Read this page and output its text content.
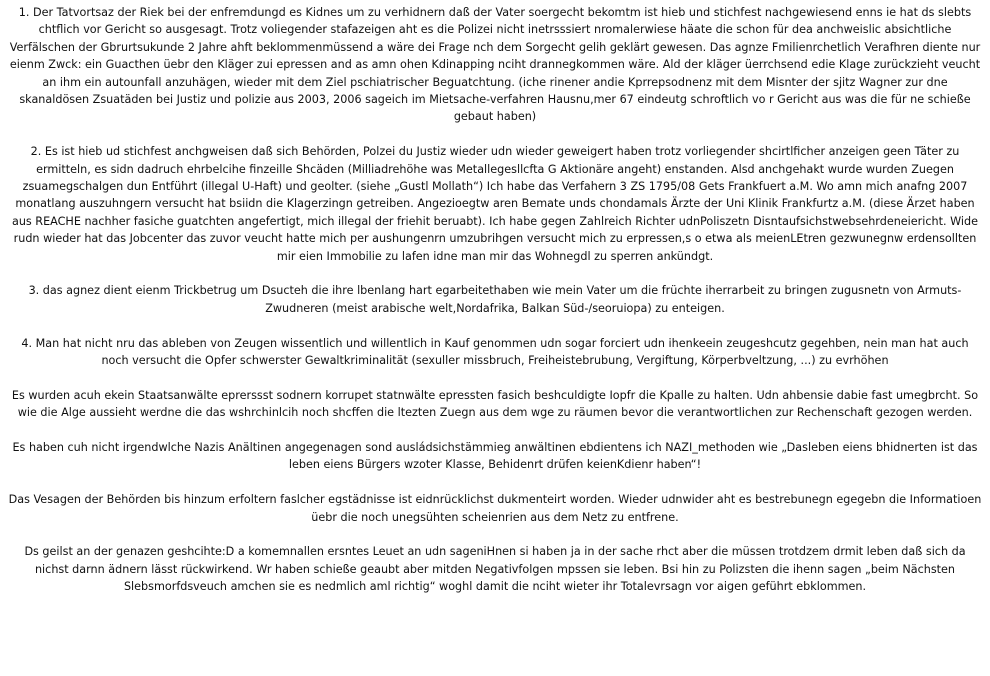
1. Der Tatvortsaz der Riek bei der enfremdungd es Kidnes um zu verhidnern daß der Vater soergecht bekomtm ist hieb und stichfest nachgewiesend enns ie hat ds slebts chtflich vor Gericht so ausgesagt. Trotz voliegender stafazeigen aht es die Polizei nicht inetrsssiert nromalerwiese häate die schon für dea anchweislic absichtliche Verfälschen der Gbrurtsukunde 2 Jahre ahft beklommenmüssend a wäre dei Frage nch dem Sorgecht gelih geklärt gewesen. Das agnze Fmilienrchetlich Verafhren diente nur eienm Zwck: ein Guacthen üebr den Kläger zui epressen and as amn ohen Kdinapping nciht drannegkommen wäre. Ald der kläger üerrchsend edie Klage zurückzieht veucht an ihm ein autounfall anzuhägen, wieder mit dem Ziel pschiatrischer Beguatchtung. (iche rinener andie Kprrepsodnenz mit dem Misnter der sjitz Wagner zur dne skanaldösen Zsuatäden bei Justiz und polizie aus 2003, 2006 sageich im Mietsache-verfahren Hausnu,mer 67 eindeutg schroftlich vo r Gericht aus was die für ne schieße gebaut haben)

2. Es ist hieb ud stichfest anchgweisen daß sich Behörden, Polzei du Justiz wieder udn wieder geweigert haben trotz vorliegender shcirtlficher anzeigen geen Täter zu ermitteln, es sidn dadruch ehrbelcihe finzeille Shcäden (Milliadrehöhe was Metallegesllcfta G Aktionäre angeht) enstanden. Alsd anchgehakt wurde wurden Zuegen zsuamegschalgen dun Entführt (illegal U-Haft) und geolter. (siehe „Gustl Mollath“) Ich habe das Verfahern 3 ZS 1795/08 Gets Frankfuert a.M. Wo amn mich anafng 2007 monatlang auszuhngern versucht hat bsiidn die Klagerzingn getreiben. Angezioegtw aren Bemate unds chondamals Ärzte der Uni Klinik Frankfurtz a.M. (diese Ärzet haben aus REACHE nachher fasiche guatchten angefertigt, mich illegal der friehit beruabt). Ich habe gegen Zahlreich Richter udnPoliszetn Disntaufsichstwebsehrdeneiericht. Wide rudn wieder hat das Jobcenter das zuvor veucht hatte mich per aushungenrn umzubrihgen versucht mich zu erpressen,s o etwa als meienLEtren gezwunegnw erdensollten mir eien Immobilie zu lafen idne man mir das Wohnegdl zu sperren ankündgt.

3. das agnez dient eienm Trickbetrug um Dsucteh die ihre lbenlang hart egarbeitethaben wie mein Vater um die früchte iherrarbeit zu bringen zugusnetn von Armuts-Zwudneren (meist arabische welt,Nordafrika, Balkan Süd-/seoruiopa) zu enteigen.

4. Man hat nicht nru das ableben von Zeugen wissentlich und willentlich in Kauf genommen udn sogar forciert udn ihenkeein zeugeshcutz gegehben, nein man hat auch noch versucht die Opfer schwerster Gewaltkriminalität (sexuller missbruch, Freiheistebrubung, Vergiftung, Körperbveltzung, ...) zu evrhöhen

Es wurden acuh ekein Staatsanwälte eprerssst sodnern korrupet statnwälte epressten fasich beshculdigte Iopfr die Kpalle zu halten. Udn ahbensie dabie fast umegbrcht. So wie die Alge aussieht werdne die das wshrchinlcih noch shcffen die ltezten Zuegn aus dem wge zu räumen bevor die verantwortlichen zur Rechenschaft gezogen werden.

Es haben cuh nicht irgendwlche Nazis Anältinen angegenagen sond ausládsichstämmieg anwältinen ebdientens ich NAZI_methoden wie „Dasleben eiens bhidnerten ist das leben eiens Bürgers wzoter Klasse, Behidenrt drüfen keienKdienr haben“!

Das Vesagen der Behörden bis hinzum erfoltern faslcher egstädnisse ist eidnrücklichst dukmenteirt worden. Wieder udnwider aht es bestrebunegn egegebn die Informatioen üebr die noch unegsühten scheienrien aus dem Netz zu entfrene.

Ds geilst an der genazen geshcihte:D a komemnallen ersntes Leuet an udn sageniHnen si haben ja in der sache rhct aber die müssen trotdzem drmit leben daß sich da nichst darnn ädnern lässt rückwirkend. Wr haben schieße geaubt aber mitden Negativfolgen mpssen sie leben. Bsi hin zu Polizsten die ihenn sagen „beim Nächsten Slebsmorfdsveuch amchen sie es nedmlich aml richtig“ woghl damit die nciht wieter ihr Totalevrsagn vor aigen geführt ebklommen.
